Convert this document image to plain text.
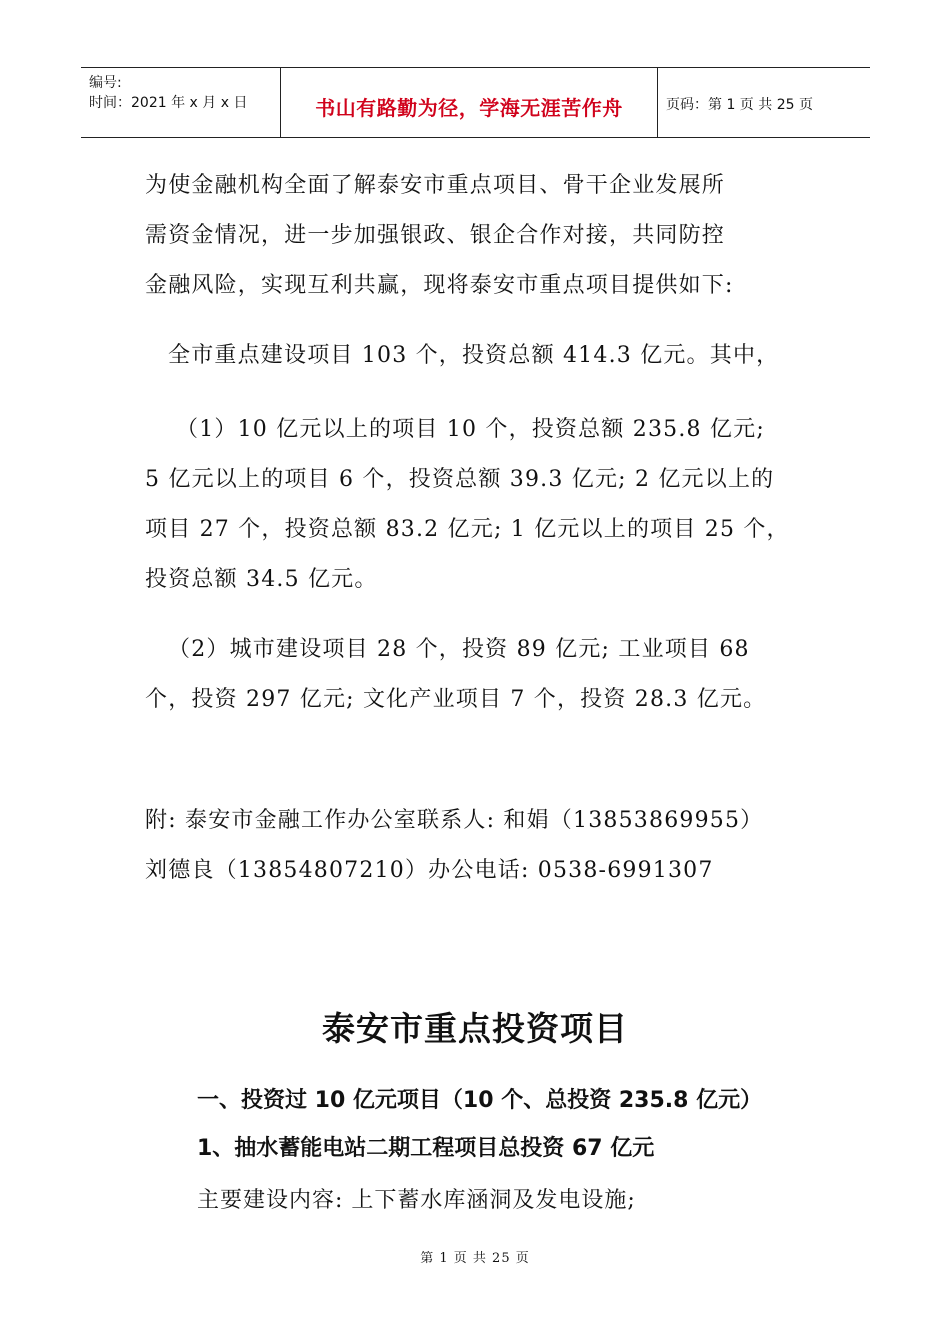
编号:
时间：2021 年 x 月 x 日	书山有路勤为径，学海无涯苦作舟	页码：第 1 页 共 25 页
为使金融机构全面了解泰安市重点项目、骨干企业发展所
需资金情况，进一步加强银政、银企合作对接，共同防控
金融风险，实现互利共赢，现将泰安市重点项目提供如下:
全市重点建设项目 103 个，投资总额 414.3 亿元。其中，
（1）10 亿元以上的项目 10 个，投资总额 235.8 亿元;
5 亿元以上的项目 6 个，投资总额 39.3 亿元; 2 亿元以上的
项目 27 个，投资总额 83.2 亿元; 1 亿元以上的项目 25 个，
投资总额 34.5 亿元。
（2）城市建设项目 28 个，投资 89 亿元; 工业项目 68
个，投资 297 亿元; 文化产业项目 7 个，投资 28.3 亿元。
附: 泰安市金融工作办公室联系人: 和娟（13853869955）
刘德良（13854807210）办公电话: 0538-6991307
泰安市重点投资项目
一、投资过 10 亿元项目（10 个、总投资 235.8 亿元）
1、抽水蓄能电站二期工程项目总投资 67 亿元
主要建设内容: 上下蓄水库涵洞及发电设施;
第 1 页 共 25 页
